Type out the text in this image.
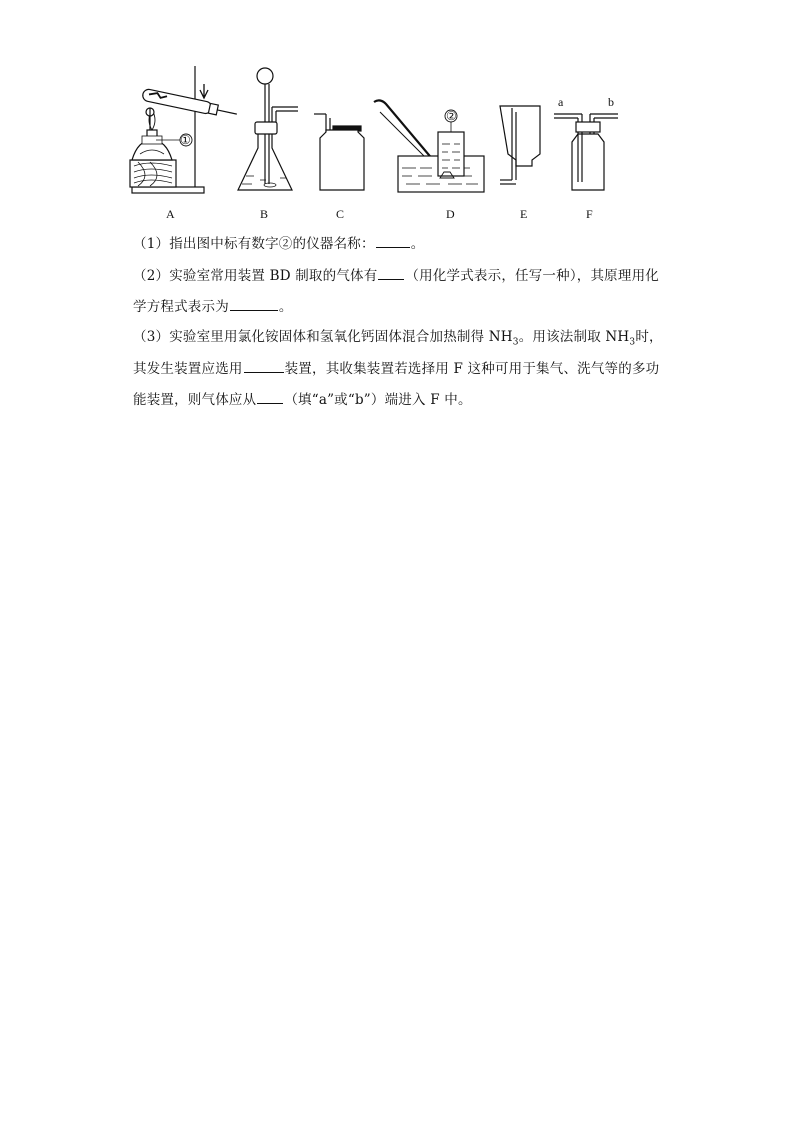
①
②
a	b
A	B	C	D	E	F
（1）指出图中标有数字②的仪器名称：	。
（2）实验室常用装置 BD 制取的气体有 （用化学式表示，任写一种），其原理用化
学方程式表示为	。
（3）实验室里用氯化铵固体和氢氧化钙固体混合加热制得 $NH_3$。用该法制取 $NH_3$时，
其发生装置应选用	装置，其收集装置若选择用 F 这种可用于集气、洗气等的多功
能装置，则气体应从 （填“a”或“b”）端进入 F 中。
